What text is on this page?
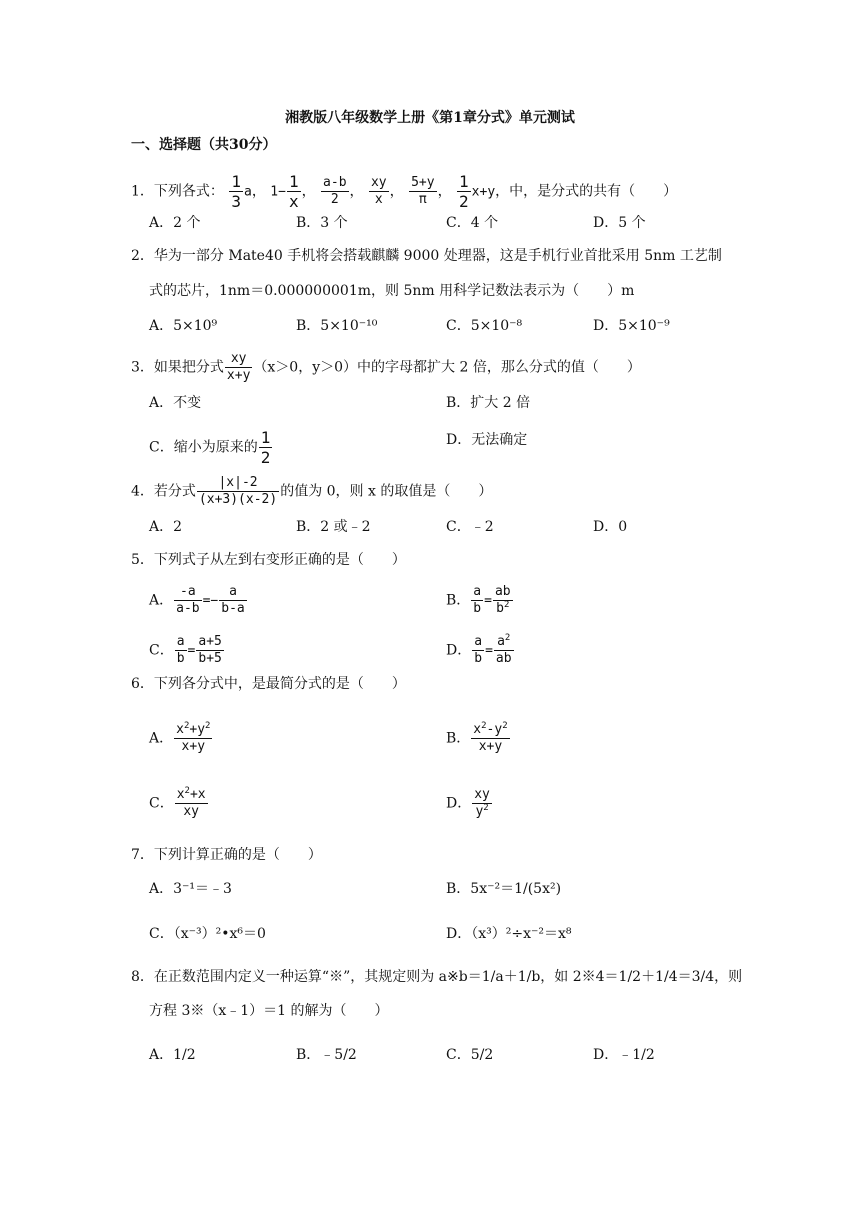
湘教版八年级数学上册《第1章分式》单元测试
一、选择题（共30分）
1．下列各式： $\frac{1}{3}$ a， $1- \frac{1}{x}$ ， $\frac{a-b}{2}$ ， $\frac{xy}{x}$ ， $\frac{5+y}{\pi}$ ， $\frac{1}{2} x+y$，中，是分式的共有（　　）
A．2 个	B．3 个	C．4 个	D．5 个
2．华为一部分 Mate40 手机将会搭载麒麟 9000 处理器，这是手机行业首批采用 5nm 工艺制
式的芯片，1nm＝0.000000001m，则 5nm 用科学记数法表示为（　　）m
A．5×10⁹	B．5×10⁻¹⁰	C．5×10⁻⁸	D．5×10⁻⁹
3．如果把分式 $\frac{xy}{x+y} (x>0$，y＞0）中的字母都扩大 2 倍，那么分式的值（　　）
A．不变	B．扩大 2 倍
C．缩小为原来的 $\frac{1}{2}$	D．无法确定
4．若分式 $\frac{|x|-2}{(x+3)(x-2)}$ 的值为 0，则 x 的取值是（　　）
A．2	B．2 或﹣2	C．﹣2	D．0
5．下列式子从左到右变形正确的是（　　）
A． $\frac{-a}{a-b} =- \frac{a}{b-a}$	B． $\frac{a}{b} = \frac{ab}{b^2}$
C． $\frac{a}{b} = \frac{a+5}{b+5}$	D． $\frac{a}{b} = \frac{a^2}{ab}$
6．下列各分式中，是最简分式的是（　　）
A． $\frac{x^2+y^2}{x+y}$	B． $\frac{x^2-y^2}{x+y}$
C． $\frac{x^2+x}{xy}$	D． $\frac{xy}{y^2}$
7．下列计算正确的是（　　）
A．3⁻¹＝﹣3	B．5x⁻²＝1/(5x²)
C．（x⁻³）²•x⁶＝0	D．（x³）²÷x⁻²＝x⁸
8．在正数范围内定义一种运算“※”，其规定则为 a※b＝1/a＋1/b，如 2※4＝1/2＋1/4＝3/4，则
方程 3※（x﹣1）＝1 的解为（　　）
A．1/2	B．﹣5/2	C．5/2	D．﹣1/2
